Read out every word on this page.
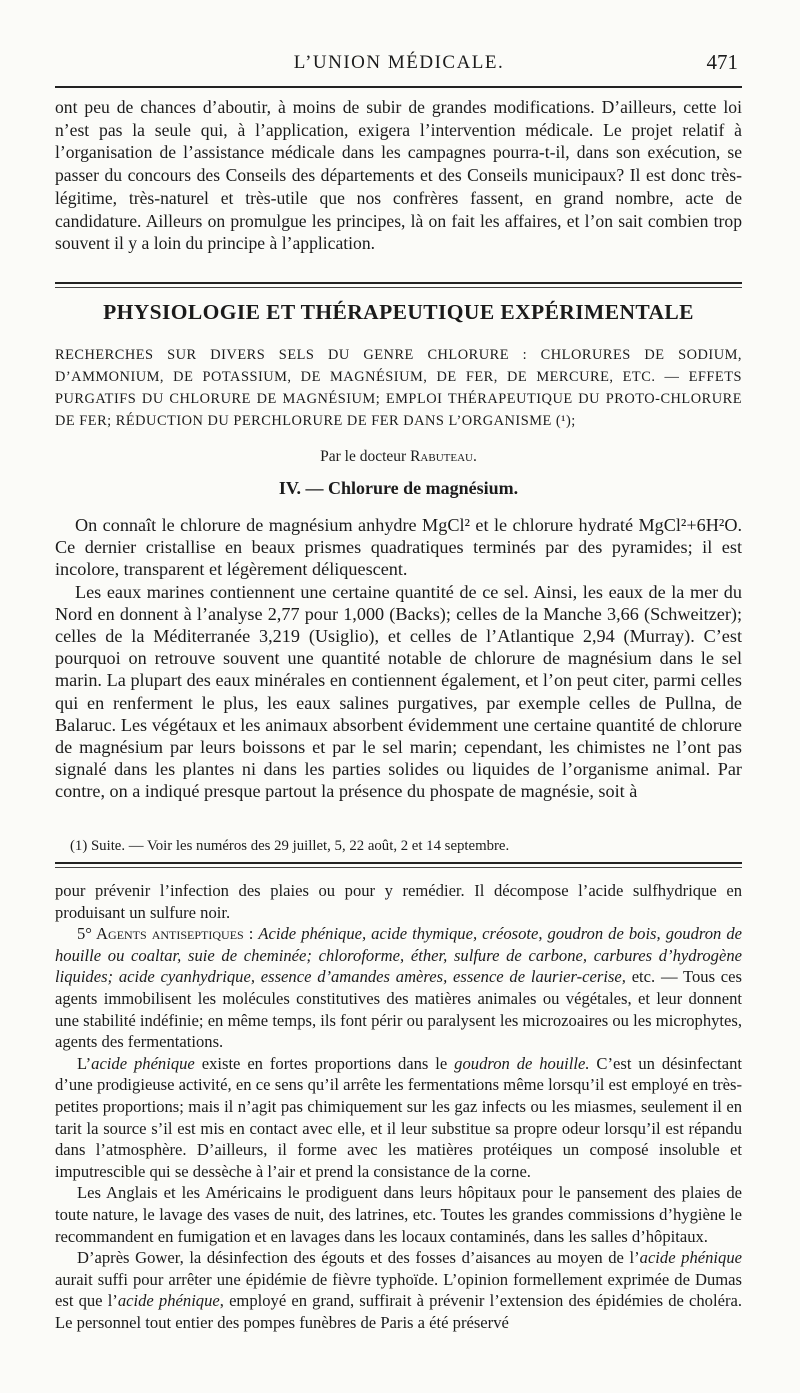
L’UNION MÉDICALE.	471

ont peu de chances d’aboutir, à moins de subir de grandes modifications. D’ailleurs, cette loi n’est pas la seule qui, à l’application, exigera l’intervention médicale. Le projet relatif à l’organisation de l’assistance médicale dans les campagnes pourra-t-il, dans son exécution, se passer du concours des Conseils des départements et des Conseils municipaux? Il est donc très-légitime, très-naturel et très-utile que nos confrères fassent, en grand nombre, acte de candidature. Ailleurs on promulgue les principes, là on fait les affaires, et l’on sait combien trop souvent il y a loin du principe à l’application.

PHYSIOLOGIE ET THÉRAPEUTIQUE EXPÉRIMENTALE

RECHERCHES SUR DIVERS SELS DU GENRE CHLORURE : CHLORURES DE SODIUM, D’AMMONIUM, DE POTASSIUM, DE MAGNÉSIUM, DE FER, DE MERCURE, ETC. — EFFETS PURGATIFS DU CHLORURE DE MAGNÉSIUM; EMPLOI THÉRAPEUTIQUE DU PROTO-CHLORURE DE FER; RÉDUCTION DU PERCHLORURE DE FER DANS L’ORGANISME (¹);

Par le docteur Rabuteau.
IV. — Chlorure de magnésium.

On connaît le chlorure de magnésium anhydre MgCl² et le chlorure hydraté MgCl²+6H²O. Ce dernier cristallise en beaux prismes quadratiques terminés par des pyramides; il est incolore, transparent et légèrement déliquescent.

Les eaux marines contiennent une certaine quantité de ce sel. Ainsi, les eaux de la mer du Nord en donnent à l’analyse 2,77 pour 1,000 (Backs); celles de la Manche 3,66 (Schweitzer); celles de la Méditerranée 3,219 (Usiglio), et celles de l’Atlantique 2,94 (Murray). C’est pourquoi on retrouve souvent une quantité notable de chlorure de magnésium dans le sel marin. La plupart des eaux minérales en contiennent également, et l’on peut citer, parmi celles qui en renferment le plus, les eaux salines purgatives, par exemple celles de Pullna, de Balaruc. Les végétaux et les animaux absorbent évidemment une certaine quantité de chlorure de magnésium par leurs boissons et par le sel marin; cependant, les chimistes ne l’ont pas signalé dans les plantes ni dans les parties solides ou liquides de l’organisme animal. Par contre, on a indiqué presque partout la présence du phospate de magnésie, soit à

(1) Suite. — Voir les numéros des 29 juillet, 5, 22 août, 2 et 14 septembre.

pour prévenir l’infection des plaies ou pour y remédier. Il décompose l’acide sulfhydrique en produisant un sulfure noir.

5° Agents antiseptiques : Acide phénique, acide thymique, créosote, goudron de bois, goudron de houille ou coaltar, suie de cheminée; chloroforme, éther, sulfure de carbone, carbures d’hydrogène liquides; acide cyanhydrique, essence d’amandes amères, essence de laurier-cerise, etc. — Tous ces agents immobilisent les molécules constitutives des matières animales ou végétales, et leur donnent une stabilité indéfinie; en même temps, ils font périr ou paralysent les microzoaires ou les microphytes, agents des fermentations.

L’acide phénique existe en fortes proportions dans le goudron de houille. C’est un désinfectant d’une prodigieuse activité, en ce sens qu’il arrête les fermentations même lorsqu’il est employé en très-petites proportions; mais il n’agit pas chimiquement sur les gaz infects ou les miasmes, seulement il en tarit la source s’il est mis en contact avec elle, et il leur substitue sa propre odeur lorsqu’il est répandu dans l’atmosphère. D’ailleurs, il forme avec les matières protéiques un composé insoluble et imputrescible qui se dessèche à l’air et prend la consistance de la corne.

Les Anglais et les Américains le prodiguent dans leurs hôpitaux pour le pansement des plaies de toute nature, le lavage des vases de nuit, des latrines, etc. Toutes les grandes commissions d’hygiène le recommandent en fumigation et en lavages dans les locaux contaminés, dans les salles d’hôpitaux.

D’après Gower, la désinfection des égouts et des fosses d’aisances au moyen de l’acide phénique aurait suffi pour arrêter une épidémie de fièvre typhoïde. L’opinion formellement exprimée de Dumas est que l’acide phénique, employé en grand, suffirait à prévenir l’extension des épidémies de choléra. Le personnel tout entier des pompes funèbres de Paris a été préservé
